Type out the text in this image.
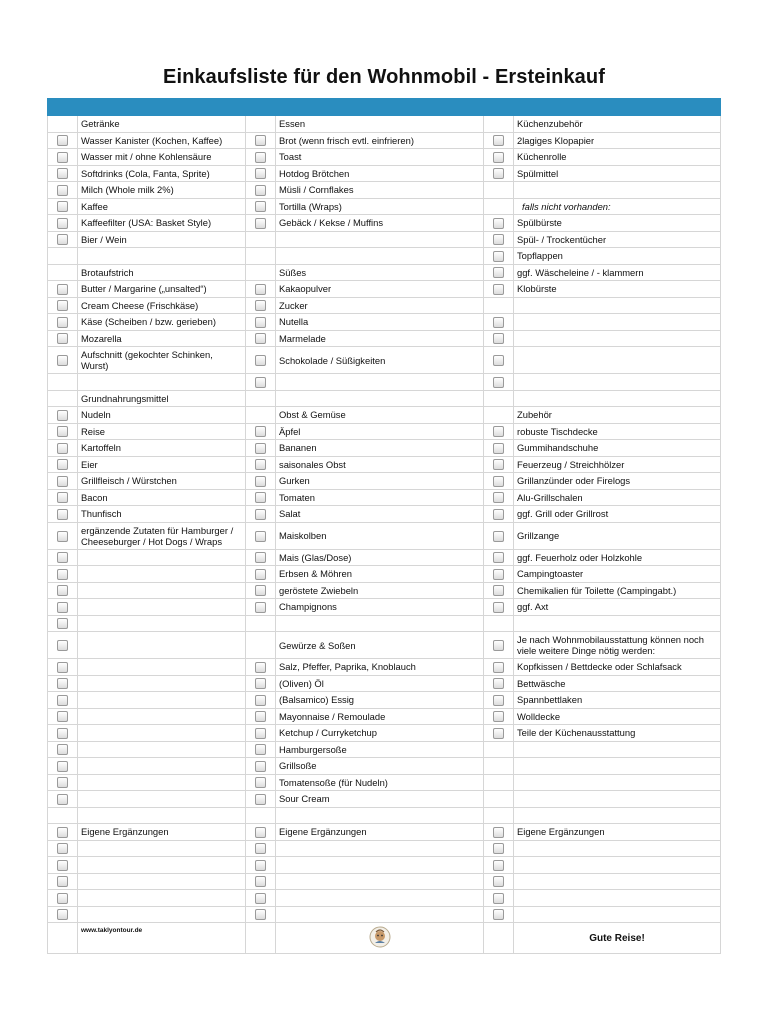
Einkaufsliste für den Wohnmobil - Ersteinkauf

	Getränke		Essen		Küchenzubehör
	Wasser Kanister (Kochen, Kaffee)		Brot (wenn frisch evtl. einfrieren)		2lagiges Klopapier
	Wasser mit / ohne Kohlensäure		Toast		Küchenrolle
	Softdrinks (Cola, Fanta, Sprite)		Hotdog Brötchen		Spülmittel
	Milch (Whole milk 2%)		Müsli / Cornflakes		
	Kaffee		Tortilla (Wraps)		falls nicht vorhanden:
	Kaffeefilter (USA: Basket Style)		Gebäck / Kekse / Muffins		Spülbürste
	Bier / Wein				Spül- / Trockentücher
					Topflappen
	Brotaufstrich		Süßes		ggf. Wäscheleine / - klammern
	Butter / Margarine („unsalted“)		Kakaopulver		Klobürste
	Cream Cheese (Frischkäse)		Zucker		
	Käse (Scheiben / bzw. gerieben)		Nutella		
	Mozarella		Marmelade		
	Aufschnitt (gekochter Schinken, Wurst)		Schokolade / Süßigkeiten		

	Grundnahrungsmittel				
	Nudeln		Obst & Gemüse		Zubehör
	Reise		Äpfel		robuste Tischdecke
	Kartoffeln		Bananen		Gummihandschuhe
	Eier		saisonales Obst		Feuerzeug / Streichhölzer
	Grillfleisch / Würstchen		Gurken		Grillanzünder oder Firelogs
	Bacon		Tomaten		Alu-Grillschalen
	Thunfisch		Salat		ggf. Grill oder Grillrost
	ergänzende Zutaten für Hamburger / Cheeseburger / Hot Dogs / Wraps		Maiskolben		Grillzange
			Mais (Glas/Dose)		ggf. Feuerholz oder Holzkohle
			Erbsen & Möhren		Campingtoaster
			geröstete Zwiebeln		Chemikalien für Toilette (Campingabt.)
			Champignons		ggf. Axt

			Gewürze & Soßen		Je nach Wohnmobilausstattung können noch viele weitere Dinge nötig werden:
			Salz, Pfeffer, Paprika, Knoblauch		Kopfkissen / Bettdecke oder Schlafsack
			(Oliven) Öl		Bettwäsche
			(Balsamico) Essig		Spannbettlaken
			Mayonnaise / Remoulade		Wolldecke
			Ketchup / Curryketchup		Teile der Küchenausstattung
			Hamburgersoße		
			Grillsoße		
			Tomatensoße (für Nudeln)		
			Sour Cream		

	Eigene Ergänzungen		Eigene Ergänzungen		Eigene Ergänzungen

	www.taklyontour.de				Gute Reise!
